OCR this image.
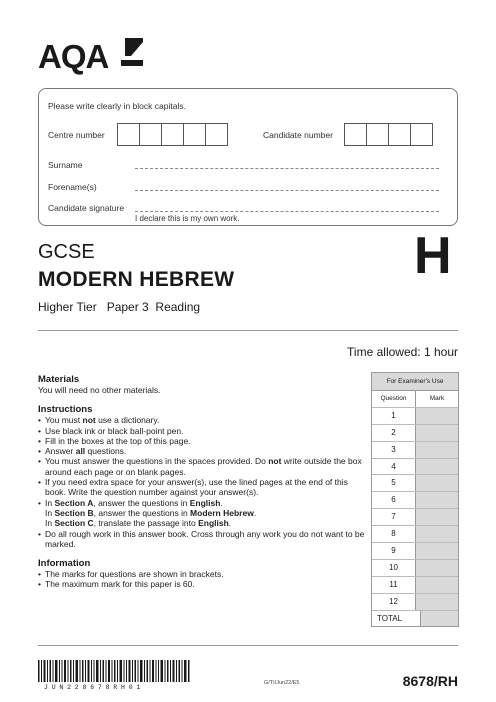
AQA
Please write clearly in block capitals.
Centre number	Candidate number
Surname
Forename(s)
Candidate signature
I declare this is my own work.
GCSE
MODERN HEBREW
Higher Tier Paper 3 Reading
H
Time allowed: 1 hour
Materials
You will need no other materials.
Instructions
• You must not use a dictionary.
• Use black ink or black ball-point pen.
• Fill in the boxes at the top of this page.
• Answer all questions.
• You must answer the questions in the spaces provided. Do not write outside the box around each page or on blank pages.
• If you need extra space for your answer(s), use the lined pages at the end of this book. Write the question number against your answer(s).
• In Section A, answer the questions in English.
In Section B, answer the questions in Modern Hebrew.
In Section C, translate the passage into English.
• Do all rough work in this answer book. Cross through any work you do not want to be marked.
Information
• The marks for questions are shown in brackets.
• The maximum mark for this paper is 60.
For Examiner's Use
Question	Mark
1
2
3
4
5
6
7
8
9
10
11
12
TOTAL
JUN228678RH01
G/TI/Jun22/E5	8678/RH
